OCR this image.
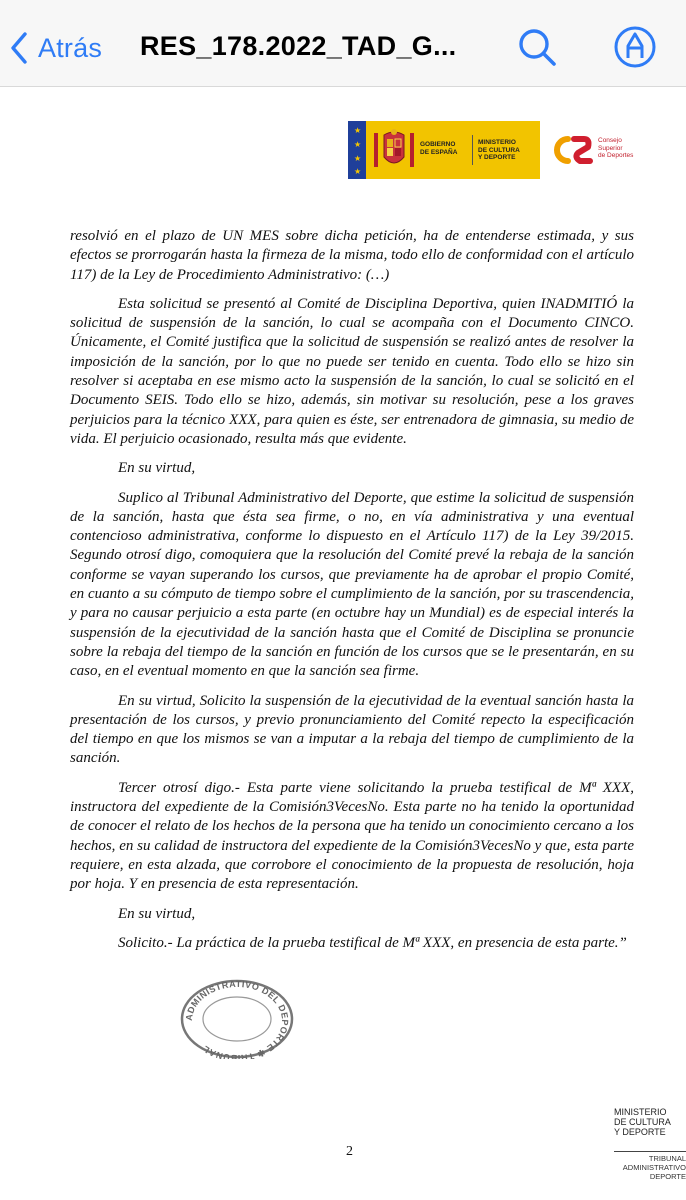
Atrás RES_178.2022_TAD_G...
★
★
★
★
GOBIERNO
DE ESPAÑA
MINISTERIO
DE CULTURA
Y DEPORTE
Consejo
Superior
de Deportes

resolvió en el plazo de UN MES sobre dicha petición, ha de entenderse estimada, y sus efectos se prorrogarán hasta la firmeza de la misma, todo ello de conformidad con el artículo 117) de la Ley de Procedimiento Administrativo: (…)

Esta solicitud se presentó al Comité de Disciplina Deportiva, quien INADMITIÓ la solicitud de suspensión de la sanción, lo cual se acompaña con el Documento CINCO. Únicamente, el Comité justifica que la solicitud de suspensión se realizó antes de resolver la imposición de la sanción, por lo que no puede ser tenido en cuenta. Todo ello se hizo sin resolver si aceptaba en ese mismo acto la suspensión de la sanción, lo cual se solicitó en el Documento SEIS. Todo ello se hizo, además, sin motivar su resolución, pese a los graves perjuicios para la técnico XXX, para quien es éste, ser entrenadora de gimnasia, su medio de vida. El perjuicio ocasionado, resulta más que evidente.

En su virtud,

Suplico al Tribunal Administrativo del Deporte, que estime la solicitud de suspensión de la sanción, hasta que ésta sea firme, o no, en vía administrativa y una eventual contencioso administrativa, conforme lo dispuesto en el Artículo 117) de la Ley 39/2015. Segundo otrosí digo, comoquiera que la resolución del Comité prevé la rebaja de la sanción conforme se vayan superando los cursos, que previamente ha de aprobar el propio Comité, en cuanto a su cómputo de tiempo sobre el cumplimiento de la sanción, por su trascendencia, y para no causar perjuicio a esta parte (en octubre hay un Mundial) es de especial interés la suspensión de la ejecutividad de la sanción hasta que el Comité de Disciplina se pronuncie sobre la rebaja del tiempo de la sanción en función de los cursos que se le presentarán, en su caso, en el eventual momento en que la sanción sea firme.

En su virtud, Solicito la suspensión de la ejecutividad de la eventual sanción hasta la presentación de los cursos, y previo pronunciamiento del Comité repecto la especificación del tiempo en que los mismos se van a imputar a la rebaja del tiempo de cumplimiento de la sanción.

Tercer otrosí digo.- Esta parte viene solicitando la prueba testifical de Mª XXX, instructora del expediente de la Comisión3VecesNo. Esta parte no ha tenido la oportunidad de conocer el relato de los hechos de la persona que ha tenido un conocimiento cercano a los hechos, en su calidad de instructora del expediente de la Comisión3VecesNo y que, esta parte requiere, en esta alzada, que corrobore el conocimiento de la propuesta de resolución, hoja por hoja. Y en presencia de esta representación.

En su virtud,

Solicito.- La práctica de la prueba testifical de Mª XXX, en presencia de esta parte.”

ADMINISTRATIVO DEL DEPORTE ✱ TRIBUNAL
2
MINISTERIO
DE CULTURA
Y DEPORTE
TRIBUNAL ADMINISTRATIVO
DEPORTE
